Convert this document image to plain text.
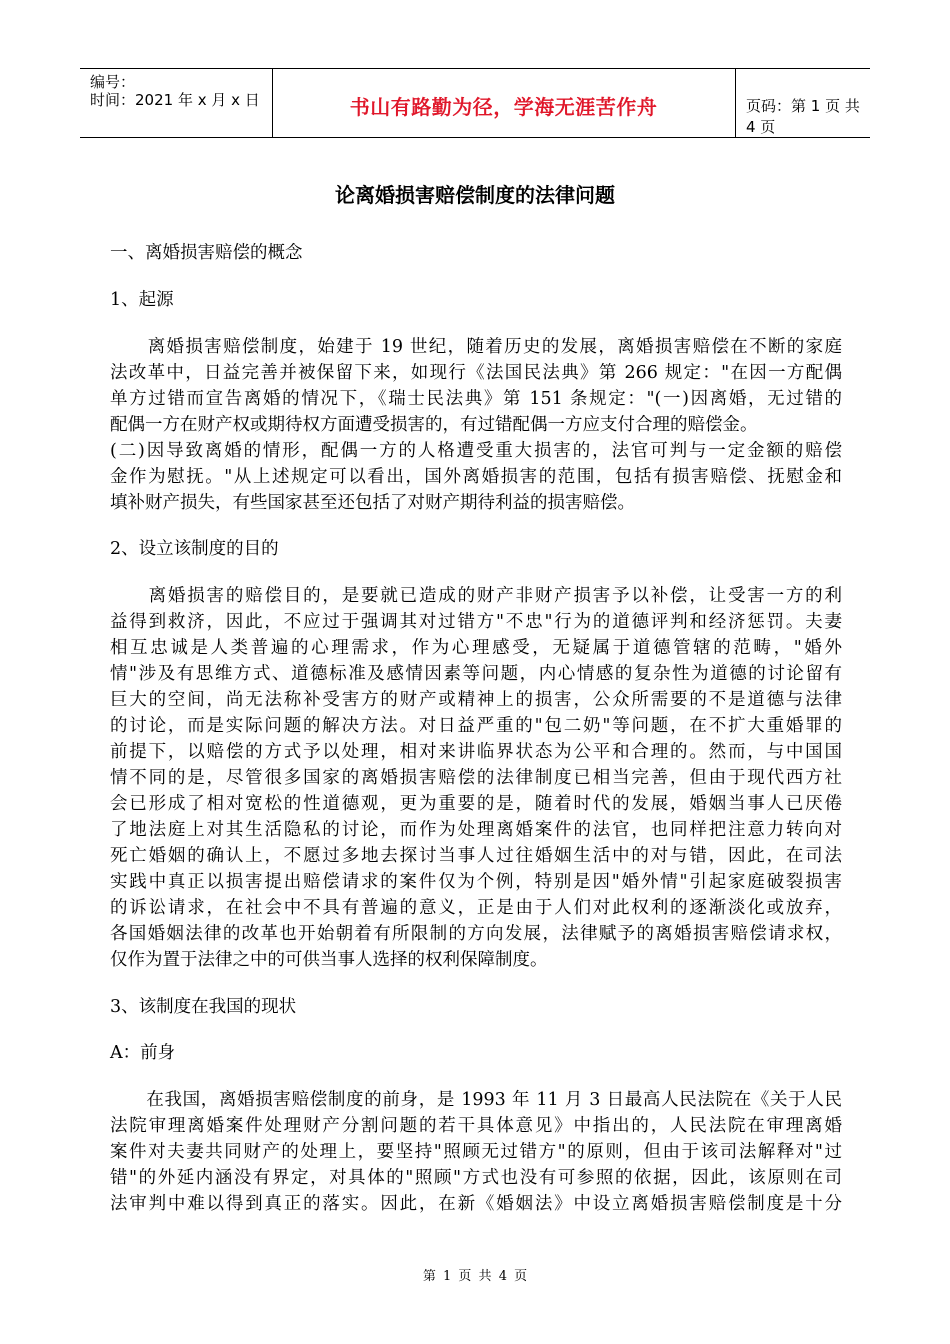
编号：
时间：2021 年 x 月 x 日	书山有路勤为径，学海无涯苦作舟	页码：第 1 页 共 4 页
论离婚损害赔偿制度的法律问题
一、离婚损害赔偿的概念
1、起源
　　离婚损害赔偿制度，始建于 19 世纪，随着历史的发展，离婚损害赔偿在不断的家庭
法改革中，日益完善并被保留下来，如现行《法国民法典》第 266 规定："在因一方配偶
单方过错而宣告离婚的情况下，《瑞士民法典》第 151 条规定："(一)因离婚，无过错的
配偶一方在财产权或期待权方面遭受损害的，有过错配偶一方应支付合理的赔偿金。
(二)因导致离婚的情形，配偶一方的人格遭受重大损害的，法官可判与一定金额的赔偿
金作为慰抚。"从上述规定可以看出，国外离婚损害的范围，包括有损害赔偿、抚慰金和
填补财产损失，有些国家甚至还包括了对财产期待利益的损害赔偿。
2、设立该制度的目的
　　离婚损害的赔偿目的，是要就已造成的财产非财产损害予以补偿，让受害一方的利
益得到救济，因此，不应过于强调其对过错方"不忠"行为的道德评判和经济惩罚。夫妻
相互忠诚是人类普遍的心理需求，作为心理感受，无疑属于道德管辖的范畴，"婚外
情"涉及有思维方式、道德标准及感情因素等问题，内心情感的复杂性为道德的讨论留有
巨大的空间，尚无法称补受害方的财产或精神上的损害，公众所需要的不是道德与法律
的讨论，而是实际问题的解决方法。对日益严重的"包二奶"等问题，在不扩大重婚罪的
前提下，以赔偿的方式予以处理，相对来讲临界状态为公平和合理的。然而，与中国国
情不同的是，尽管很多国家的离婚损害赔偿的法律制度已相当完善，但由于现代西方社
会已形成了相对宽松的性道德观，更为重要的是，随着时代的发展，婚姻当事人已厌倦
了地法庭上对其生活隐私的讨论，而作为处理离婚案件的法官，也同样把注意力转向对
死亡婚姻的确认上，不愿过多地去探讨当事人过往婚姻生活中的对与错，因此，在司法
实践中真正以损害提出赔偿请求的案件仅为个例，特别是因"婚外情"引起家庭破裂损害
的诉讼请求，在社会中不具有普遍的意义，正是由于人们对此权利的逐渐淡化或放弃，
各国婚姻法律的改革也开始朝着有所限制的方向发展，法律赋予的离婚损害赔偿请求权，
仅作为置于法律之中的可供当事人选择的权利保障制度。
3、该制度在我国的现状
A：前身
　　在我国，离婚损害赔偿制度的前身，是 1993 年 11 月 3 日最高人民法院在《关于人民
法院审理离婚案件处理财产分割问题的若干具体意见》中指出的，人民法院在审理离婚
案件对夫妻共同财产的处理上，要坚持"照顾无过错方"的原则，但由于该司法解释对"过
错"的外延内涵没有界定，对具体的"照顾"方式也没有可参照的依据，因此，该原则在司
法审判中难以得到真正的落实。因此，在新《婚姻法》中设立离婚损害赔偿制度是十分
第 1 页 共 4 页
